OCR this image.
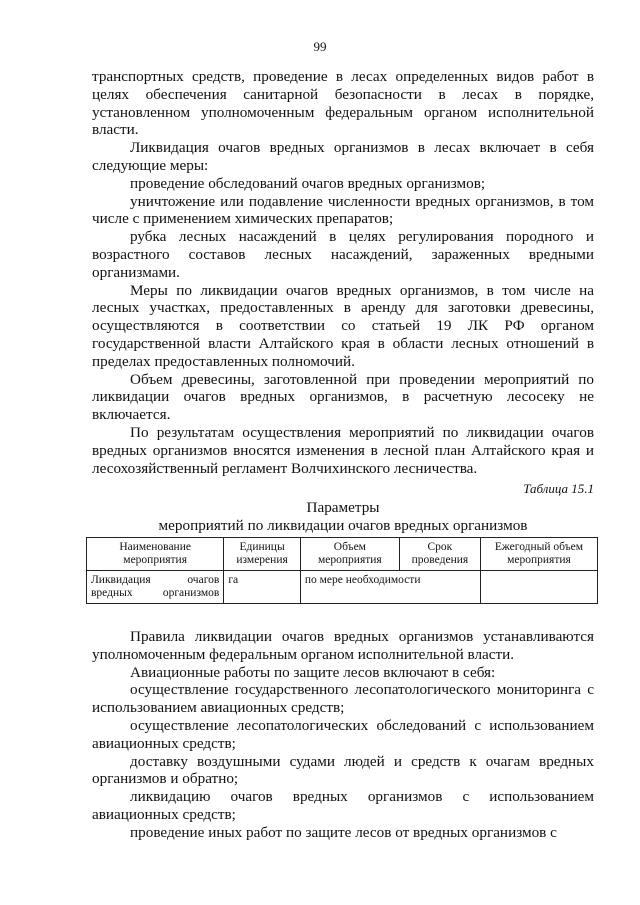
99

транспортных средств, проведение в лесах определенных видов работ в целях обеспечения санитарной безопасности в лесах в порядке, установленном уполномоченным федеральным органом исполнительной власти.

Ликвидация очагов вредных организмов в лесах включает в себя следующие меры:

проведение обследований очагов вредных организмов;

уничтожение или подавление численности вредных организмов, в том числе с применением химических препаратов;

рубка лесных насаждений в целях регулирования породного и возрастного составов лесных насаждений, зараженных вредными организмами.

Меры по ликвидации очагов вредных организмов, в том числе на лесных участках, предоставленных в аренду для заготовки древесины, осуществляются в соответствии со статьей 19 ЛК РФ органом государственной власти Алтайского края в области лесных отношений в пределах предоставленных полномочий.

Объем древесины, заготовленной при проведении мероприятий по ликвидации очагов вредных организмов, в расчетную лесосеку не включается.

По результатам осуществления мероприятий по ликвидации очагов вредных организмов вносятся изменения в лесной план Алтайского края и лесохозяйственный регламент Волчихинского лесничества.

Таблица 15.1
Параметры
мероприятий по ликвидации очагов вредных организмов
Наименование мероприятия	Единицы измерения	Объем мероприятия	Срок проведения	Ежегодный объем мероприятия
Ликвидация очагов вредных организмов	га	по мере необходимости		

Правила ликвидации очагов вредных организмов устанавливаются уполномоченным федеральным органом исполнительной власти.

Авиационные работы по защите лесов включают в себя:

осуществление государственного лесопатологического мониторинга с использованием авиационных средств;

осуществление лесопатологических обследований с использованием авиационных средств;

доставку воздушными судами людей и средств к очагам вредных организмов и обратно;

ликвидацию очагов вредных организмов с использованием авиационных средств;

проведение иных работ по защите лесов от вредных организмов с
